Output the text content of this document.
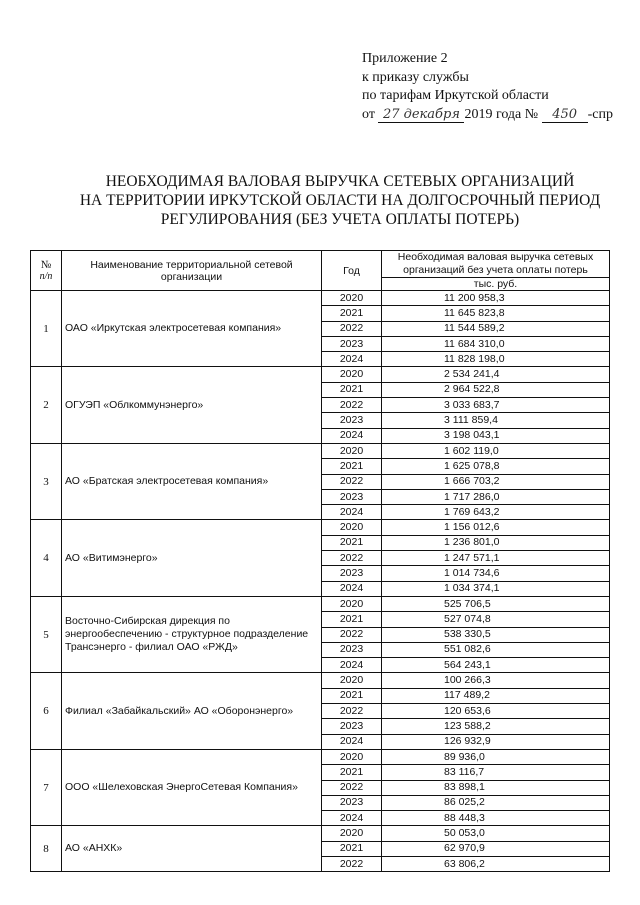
Приложение 2
к приказу службы
по тарифам Иркутской области
от 27 декабря 2019 года № 450 -спр
НЕОБХОДИМАЯ ВАЛОВАЯ ВЫРУЧКА СЕТЕВЫХ ОРГАНИЗАЦИЙ
НА ТЕРРИТОРИИ ИРКУТСКОЙ ОБЛАСТИ НА ДОЛГОСРОЧНЫЙ ПЕРИОД
РЕГУЛИРОВАНИЯ (БЕЗ УЧЕТА ОПЛАТЫ ПОТЕРЬ)
№
п/п	Наименование территориальной сетевой организации	Год	Необходимая валовая выручка сетевых организаций без учета оплаты потерь
			тыс. руб.
1	ОАО «Иркутская электросетевая компания»	2020	11 200 958,3
		2021	11 645 823,8
		2022	11 544 589,2
		2023	11 684 310,0
		2024	11 828 198,0
2	ОГУЭП «Облкоммунэнерго»	2020	2 534 241,4
		2021	2 964 522,8
		2022	3 033 683,7
		2023	3 111 859,4
		2024	3 198 043,1
3	АО «Братская электросетевая компания»	2020	1 602 119,0
		2021	1 625 078,8
		2022	1 666 703,2
		2023	1 717 286,0
		2024	1 769 643,2
4	АО «Витимэнерго»	2020	1 156 012,6
		2021	1 236 801,0
		2022	1 247 571,1
		2023	1 014 734,6
		2024	1 034 374,1
5	Восточно-Сибирская дирекция по энергообеспечению - структурное подразделение Трансэнерго - филиал ОАО «РЖД»	2020	525 706,5
		2021	527 074,8
		2022	538 330,5
		2023	551 082,6
		2024	564 243,1
6	Филиал «Забайкальский» АО «Оборонэнерго»	2020	100 266,3
		2021	117 489,2
		2022	120 653,6
		2023	123 588,2
		2024	126 932,9
7	ООО «Шелеховская ЭнергоСетевая Компания»	2020	89 936,0
		2021	83 116,7
		2022	83 898,1
		2023	86 025,2
		2024	88 448,3
8	АО «АНХК»	2020	50 053,0
		2021	62 970,9
		2022	63 806,2
